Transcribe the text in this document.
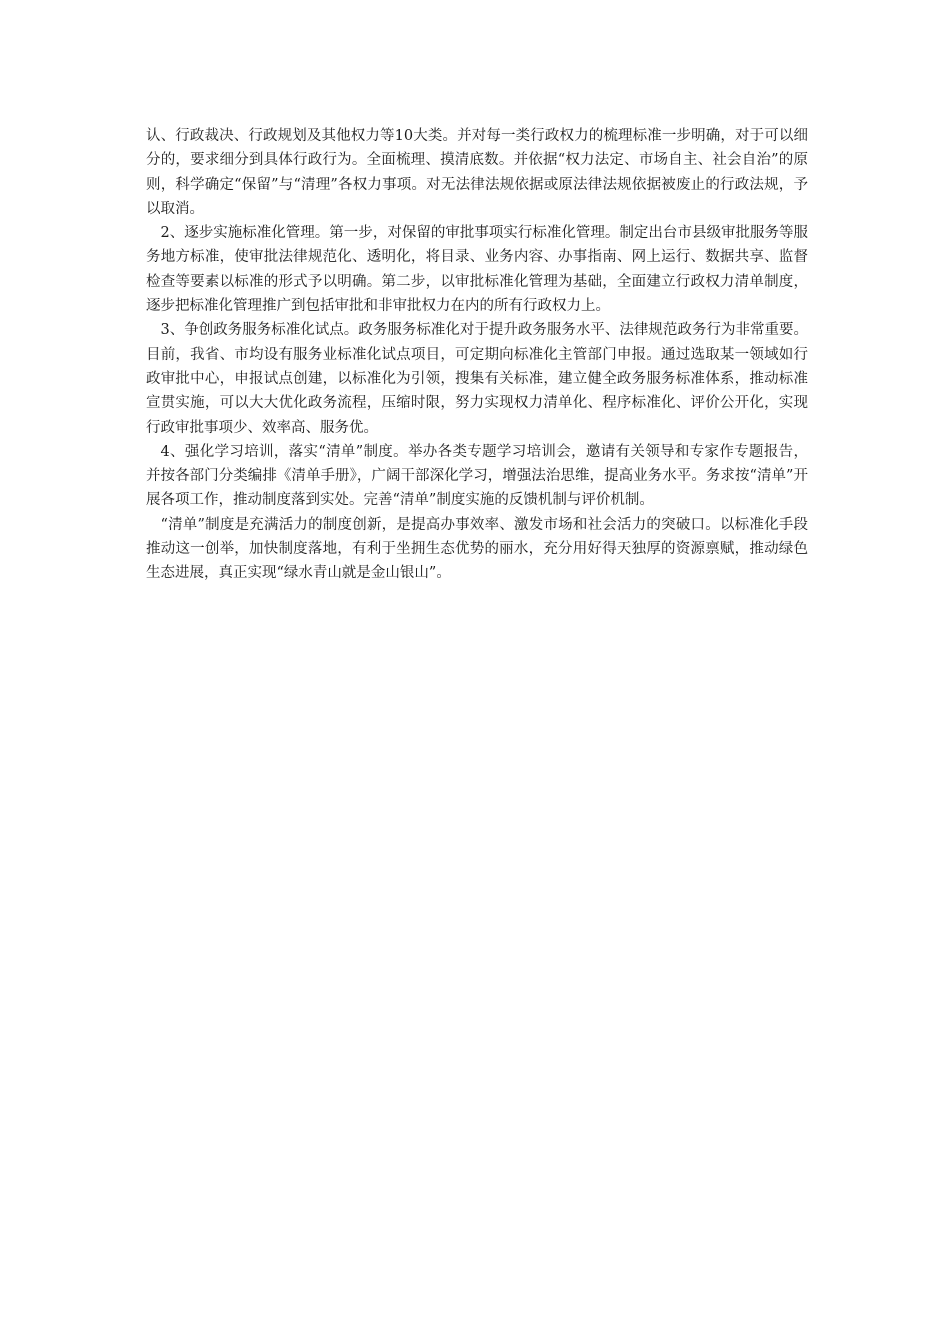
认、行政裁决、行政规划及其他权力等10大类。并对每一类行政权力的梳理标准一步明确，对于可以细分的，要求细分到具体行政行为。全面梳理、摸清底数。并依据“权力法定、市场自主、社会自治”的原则，科学确定“保留”与“清理”各权力事项。对无法律法规依据或原法律法规依据被废止的行政法规，予以取消。

2、逐步实施标准化管理。第一步，对保留的审批事项实行标准化管理。制定出台市县级审批服务等服务地方标准，使审批法律规范化、透明化，将目录、业务内容、办事指南、网上运行、数据共享、监督检查等要素以标准的形式予以明确。第二步，以审批标准化管理为基础，全面建立行政权力清单制度，逐步把标准化管理推广到包括审批和非审批权力在内的所有行政权力上。

3、争创政务服务标准化试点。政务服务标准化对于提升政务服务水平、法律规范政务行为非常重要。目前，我省、市均设有服务业标准化试点项目，可定期向标准化主管部门申报。通过选取某一领域如行政审批中心，申报试点创建，以标准化为引领，搜集有关标准，建立健全政务服务标准体系，推动标准宣贯实施，可以大大优化政务流程，压缩时限，努力实现权力清单化、程序标准化、评价公开化，实现行政审批事项少、效率高、服务优。

4、强化学习培训，落实“清单”制度。举办各类专题学习培训会，邀请有关领导和专家作专题报告，并按各部门分类编排《清单手册》，广阔干部深化学习，增强法治思维，提高业务水平。务求按“清单”开展各项工作，推动制度落到实处。完善“清单”制度实施的反馈机制与评价机制。

“清单”制度是充满活力的制度创新，是提高办事效率、激发市场和社会活力的突破口。以标准化手段推动这一创举，加快制度落地，有利于坐拥生态优势的丽水，充分用好得天独厚的资源禀赋，推动绿色生态进展，真正实现“绿水青山就是金山银山”。
